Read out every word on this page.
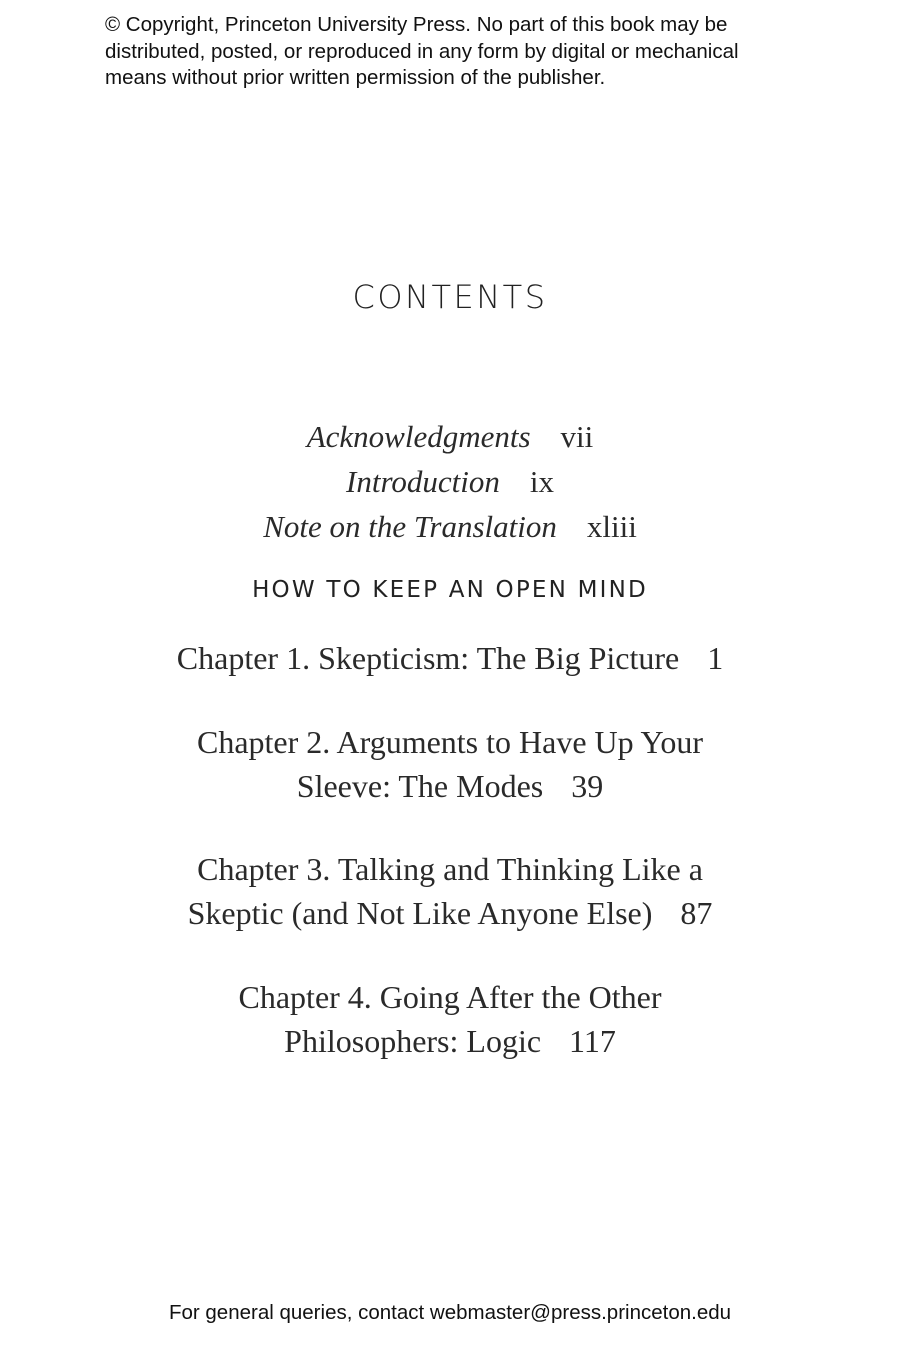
© Copyright, Princeton University Press. No part of this book may be
distributed, posted, or reproduced in any form by digital or mechanical
means without prior written permission of the publisher.
CONTENTS
Acknowledgments vii
Introduction ix
Note on the Translation xliii
HOW TO KEEP AN OPEN MIND
Chapter 1. Skepticism: The Big Picture 1
Chapter 2. Arguments to Have Up Your
Sleeve: The Modes 39
Chapter 3. Talking and Thinking Like a
Skeptic (and Not Like Anyone Else) 87
Chapter 4. Going After the Other
Philosophers: Logic 117
For general queries, contact webmaster@press.princeton.edu
